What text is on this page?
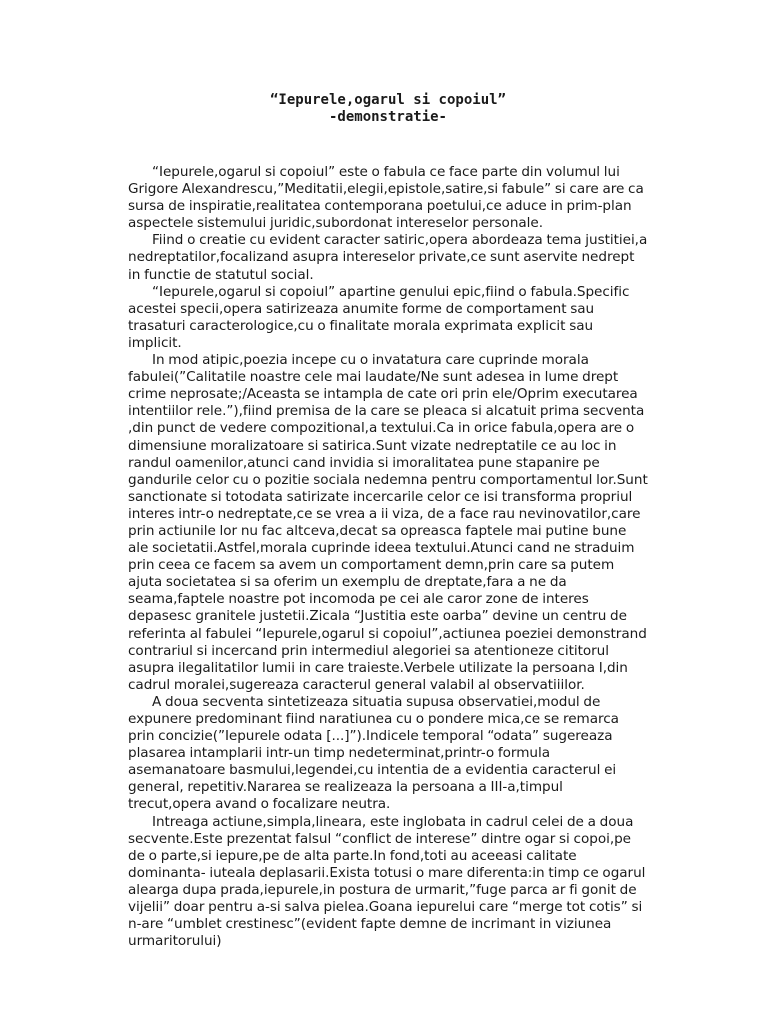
“Iepurele,ogarul si copoiul”

-demonstratie-

“Iepurele,ogarul si copoiul” este o fabula ce face parte din volumul lui Grigore Alexandrescu,”Meditatii,elegii,epistole,satire,si fabule” si care are ca sursa de inspiratie,realitatea contemporana poetului,ce aduce in prim-plan aspectele sistemului juridic,subordonat intereselor personale.

Fiind o creatie cu evident caracter satiric,opera abordeaza tema justitiei,a nedreptatilor,focalizand asupra intereselor private,ce sunt aservite nedrept in functie de statutul social.

“Iepurele,ogarul si copoiul” apartine genului epic,fiind o fabula.Specific acestei specii,opera satirizeaza anumite forme de comportament sau trasaturi caracterologice,cu o finalitate morala exprimata explicit sau implicit.

In mod atipic,poezia incepe cu o invatatura care cuprinde morala fabulei(”Calitatile noastre cele mai laudate/Ne sunt adesea in lume drept crime neprosate;/Aceasta se intampla de cate ori prin ele/Oprim executarea intentiilor rele.”),fiind premisa de la care se pleaca si alcatuit prima secventa ,din punct de vedere compozitional,a textului.Ca in orice fabula,opera are o dimensiune moralizatoare si satirica.Sunt vizate nedreptatile ce au loc in randul oamenilor,atunci cand invidia si imoralitatea pune stapanire pe gandurile celor cu o pozitie sociala nedemna pentru comportamentul lor.Sunt sanctionate si totodata satirizate incercarile celor ce isi transforma propriul interes intr-o nedreptate,ce se vrea a ii viza, de a face rau nevinovatilor,care prin actiunile lor nu fac altceva,decat sa opreasca faptele mai putine bune ale societatii.Astfel,morala cuprinde ideea textului.Atunci cand ne straduim prin ceea ce facem sa avem un comportament demn,prin care sa putem ajuta societatea si sa oferim un exemplu de dreptate,fara a ne da seama,faptele noastre pot incomoda pe cei ale caror zone de interes depasesc granitele justetii.Zicala “Justitia este oarba” devine un centru de referinta al fabulei “Iepurele,ogarul si copoiul”,actiunea poeziei demonstrand contrariul si incercand prin intermediul alegoriei sa atentioneze cititorul asupra ilegalitatilor lumii in care traieste.Verbele utilizate la persoana I,din cadrul moralei,sugereaza caracterul general valabil al observatiiilor.

A doua secventa sintetizeaza situatia supusa observatiei,modul de expunere predominant fiind naratiunea cu o pondere mica,ce se remarca prin concizie(”Iepurele odata [...]”).Indicele temporal “odata” sugereaza plasarea intamplarii intr-un timp nedeterminat,printr-o formula asemanatoare basmului,legendei,cu intentia de a evidentia caracterul ei general, repetitiv.Nararea se realizeaza la persoana a III-a,timpul trecut,opera avand o focalizare neutra.

Intreaga actiune,simpla,lineara, este inglobata in cadrul celei de a doua secvente.Este prezentat falsul “conflict de interese” dintre ogar si copoi,pe de o parte,si iepure,pe de alta parte.In fond,toti au aceeasi calitate dominanta- iuteala deplasarii.Exista totusi o mare diferenta:in timp ce ogarul alearga dupa prada,iepurele,in postura de urmarit,”fuge parca ar fi gonit de vijelii” doar pentru a-si salva pielea.Goana iepurelui care “merge tot cotis” si n-are “umblet crestinesc”(evident fapte demne de incrimant in viziunea urmaritorului)
